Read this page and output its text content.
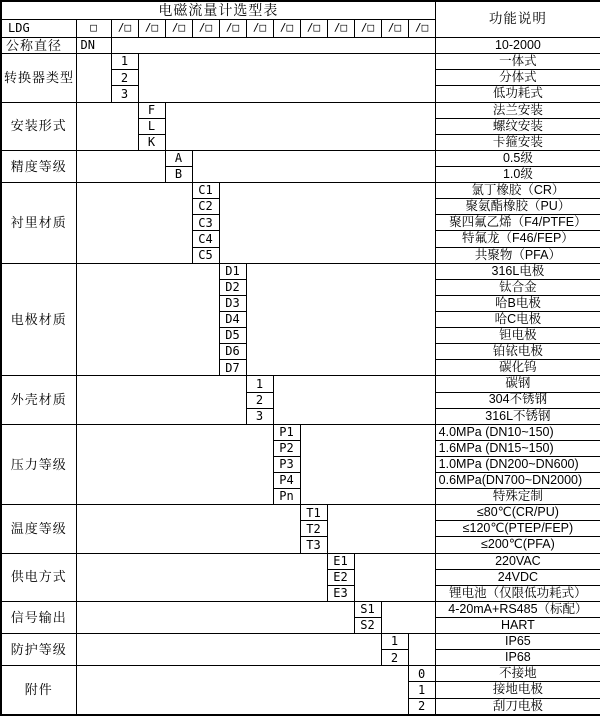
电磁流量计选型表														功能说明
LDG	□	/□	/□	/□	/□	/□	/□	/□	/□	/□	/□	/□	/□	
公称直径	DN													10-2000
转换器类型		1												一体式
		2												分体式
		3												低功耗式
安装形式			F											法兰安装
			L											螺纹安装
			K											卡箍安装
精度等级				A										0.5级
				B										1.0级
衬里材质					C1									氯丁橡胶（CR）
					C2									聚氨酯橡胶（PU）
					C3									聚四氟乙烯（F4/PTFE）
					C4									特氟龙（F46/FEP）
					C5									共聚物（PFA）
电极材质						D1								316L电极
						D2								钛合金
						D3								哈B电极
						D4								哈C电极
						D5								钽电极
						D6								铂铱电极
						D7								碳化钨
外壳材质							1							碳钢
							2							304不锈钢
							3							316L不锈钢
压力等级								P1						4.0MPa (DN10~150)
								P2						1.6MPa (DN15~150)
								P3						1.0MPa (DN200~DN600)
								P4						0.6MPa(DN700~DN2000)
								Pn						特殊定制
温度等级									T1					≤80℃(CR/PU)
									T2					≤120℃(PTEP/FEP)
									T3					≤200℃(PFA)
供电方式										E1				220VAC
										E2				24VDC
										E3				锂电池（仅限低功耗式）
信号输出											S1			4-20mA+RS485（标配）
											S2			HART
防护等级												1		IP65
												2		IP68
附件													0	不接地
													1	接地电极
													2	刮刀电极
